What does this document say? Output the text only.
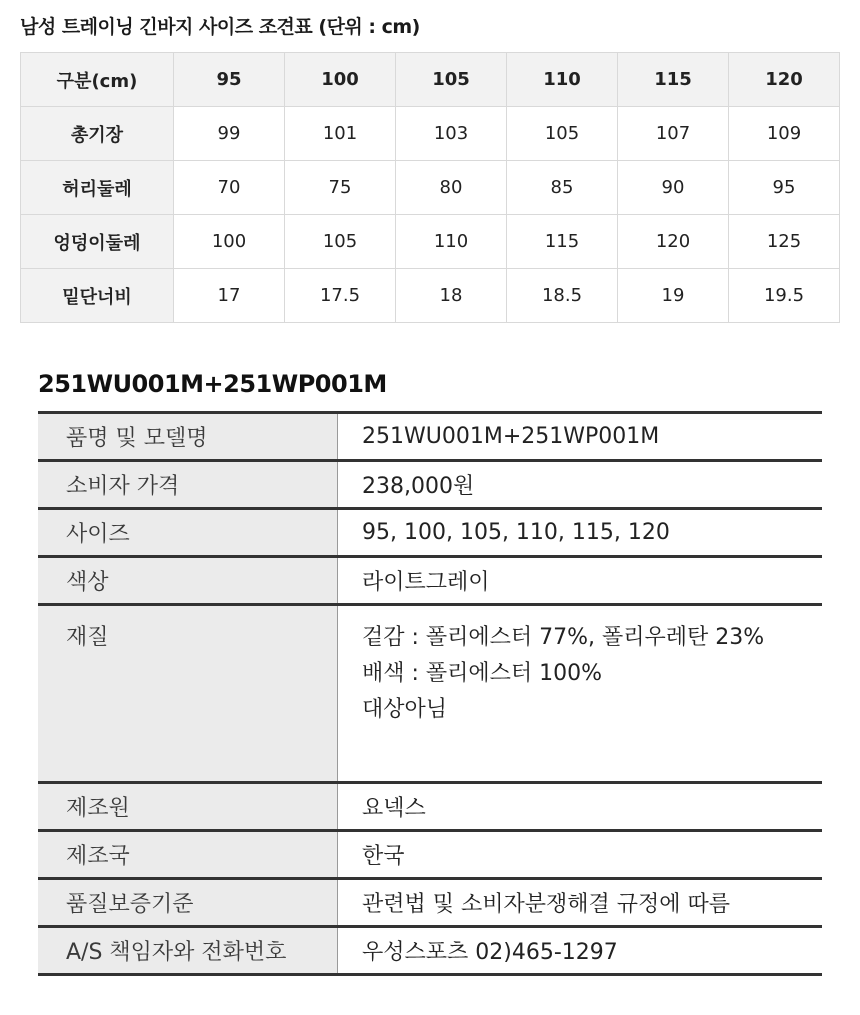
남성 트레이닝 긴바지 사이즈 조견표 (단위 : cm)
구분(cm)	95	100	105	110	115	120
총기장	99	101	103	105	107	109
허리둘레	70	75	80	85	90	95
엉덩이둘레	100	105	110	115	120	125
밑단너비	17	17.5	18	18.5	19	19.5
251WU001M+251WP001M
품명 및 모델명	251WU001M+251WP001M
소비자 가격	238,000원
사이즈	95, 100, 105, 110, 115, 120
색상	라이트그레이
재질	겉감 : 폴리에스터 77%, 폴리우레탄 23%
배색 : 폴리에스터 100%
대상아님
제조원	요넥스
제조국	한국
품질보증기준	관련법 및 소비자분쟁해결 규정에 따름
A/S 책임자와 전화번호	우성스포츠 02)465-1297
